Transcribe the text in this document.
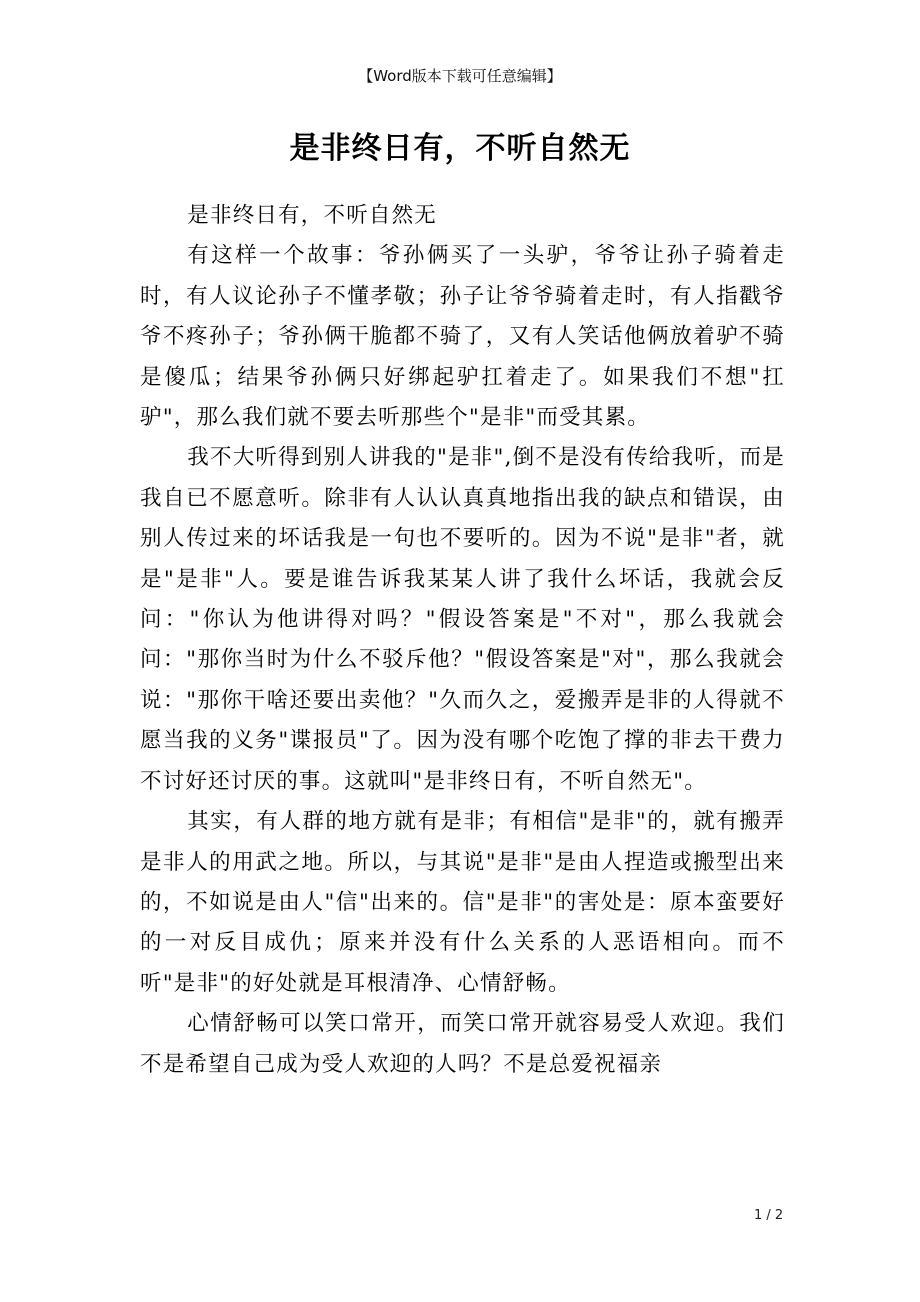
【Word版本下载可任意编辑】
是非终日有，不听自然无

是非终日有，不听自然无

有这样一个故事：爷孙俩买了一头驴，爷爷让孙子骑着走时，有人议论孙子不懂孝敬；孙子让爷爷骑着走时，有人指戳爷爷不疼孙子；爷孙俩干脆都不骑了，又有人笑话他俩放着驴不骑是傻瓜；结果爷孙俩只好绑起驴扛着走了。如果我们不想"扛驴"，那么我们就不要去听那些个"是非"而受其累。

我不大听得到别人讲我的"是非",倒不是没有传给我听，而是我自已不愿意听。除非有人认认真真地指出我的缺点和错误，由别人传过来的坏话我是一句也不要听的。因为不说"是非"者，就是"是非"人。要是谁告诉我某某人讲了我什么坏话，我就会反问："你认为他讲得对吗？"假设答案是"不对"，那么我就会问："那你当时为什么不驳斥他？"假设答案是"对"，那么我就会说："那你干啥还要出卖他？"久而久之，爱搬弄是非的人得就不愿当我的义务"谍报员"了。因为没有哪个吃饱了撑的非去干费力不讨好还讨厌的事。这就叫"是非终日有，不听自然无"。

其实，有人群的地方就有是非；有相信"是非"的，就有搬弄是非人的用武之地。所以，与其说"是非"是由人捏造或搬型出来的，不如说是由人"信"出来的。信"是非"的害处是：原本蛮要好的一对反目成仇；原来并没有什么关系的人恶语相向。而不听"是非"的好处就是耳根清净、心情舒畅。

心情舒畅可以笑口常开，而笑口常开就容易受人欢迎。我们不是希望自己成为受人欢迎的人吗？不是总爱祝福亲

1 / 2
